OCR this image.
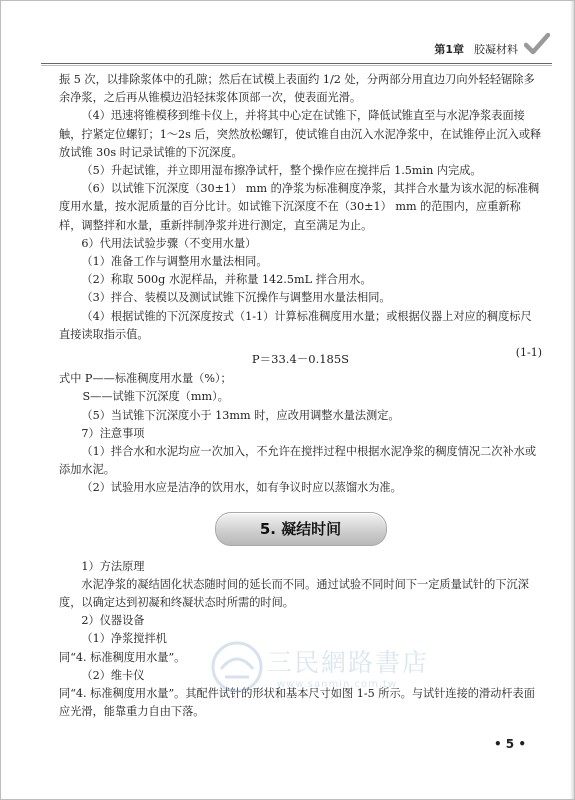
第1章 胶凝材料

振 5 次，以排除浆体中的孔隙；然后在试模上表面约 1/2 处，分两部分用直边刀向外轻轻锯除多余净浆，之后再从锥模边沿轻抹浆体顶部一次，使表面光滑。

（4）迅速将锥模移到维卡仪上，并将其中心定在试锥下，降低试锥直至与水泥净浆表面接触，拧紧定位螺钉；1～2s 后，突然放松螺钉，使试锥自由沉入水泥净浆中，在试锥停止沉入或释放试锥 30s 时记录试锥的下沉深度。

（5）升起试锥，并立即用湿布擦净试杆，整个操作应在搅拌后 1.5min 内完成。

（6）以试锥下沉深度（30±1） mm 的净浆为标准稠度净浆，其拌合水量为该水泥的标准稠度用水量，按水泥质量的百分比计。如试锥下沉深度不在（30±1） mm 的范围内，应重新称样，调整拌和水量，重新拌制净浆并进行测定，直至满足为止。

6）代用法试验步骤（不变用水量）

（1）准备工作与调整用水量法相同。

（2）称取 500g 水泥样品，并称量 142.5mL 拌合用水。

（3）拌合、装模以及测试试锥下沉操作与调整用水量法相同。

（4）根据试锥的下沉深度按式（1-1）计算标准稠度用水量；或根据仪器上对应的稠度标尺直接读取指示值。

P＝33.4－0.185S	(1-1)

式中 P——标准稠度用水量（%）；

S——试锥下沉深度（mm）。

（5）当试锥下沉深度小于 13mm 时，应改用调整水量法测定。

7）注意事项

（1）拌合水和水泥均应一次加入，不允许在搅拌过程中根据水泥净浆的稠度情况二次补水或添加水泥。

（2）试验用水应是洁净的饮用水，如有争议时应以蒸馏水为准。

5. 凝结时间

1）方法原理

水泥净浆的凝结固化状态随时间的延长而不同。通过试验不同时间下一定质量试针的下沉深度，以确定达到初凝和终凝状态时所需的时间。

2）仪器设备

（1）净浆搅拌机

同“4. 标准稠度用水量”。

（2）维卡仪

同“4. 标准稠度用水量”。其配件试针的形状和基本尺寸如图 1-5 所示。与试针连接的滑动杆表面应光滑，能靠重力自由下落。

三民網路書店
www.sanmin.com.tw
• 5 •
